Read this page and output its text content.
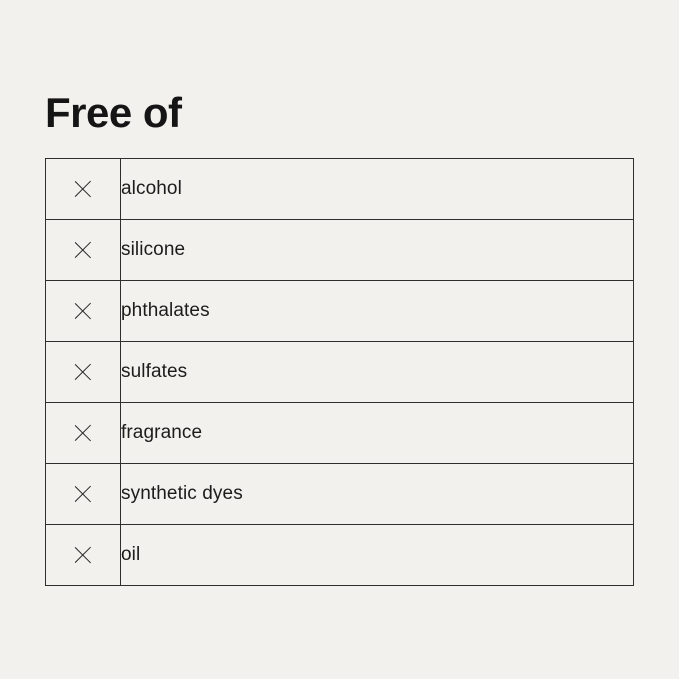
Free of
	alcohol
	silicone
	phthalates
	sulfates
	fragrance
	synthetic dyes
	oil
